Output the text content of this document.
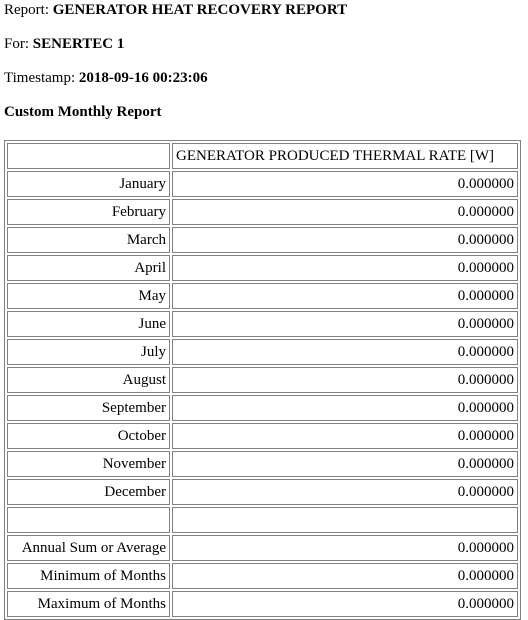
Report: GENERATOR HEAT RECOVERY REPORT
For: SENERTEC 1
Timestamp: 2018-09-16 00:23:06
Custom Monthly Report
	GENERATOR PRODUCED THERMAL RATE [W]
January	0.000000
February	0.000000
March	0.000000
April	0.000000
May	0.000000
June	0.000000
July	0.000000
August	0.000000
September	0.000000
October	0.000000
November	0.000000
December	0.000000

Annual Sum or Average	0.000000
Minimum of Months	0.000000
Maximum of Months	0.000000
